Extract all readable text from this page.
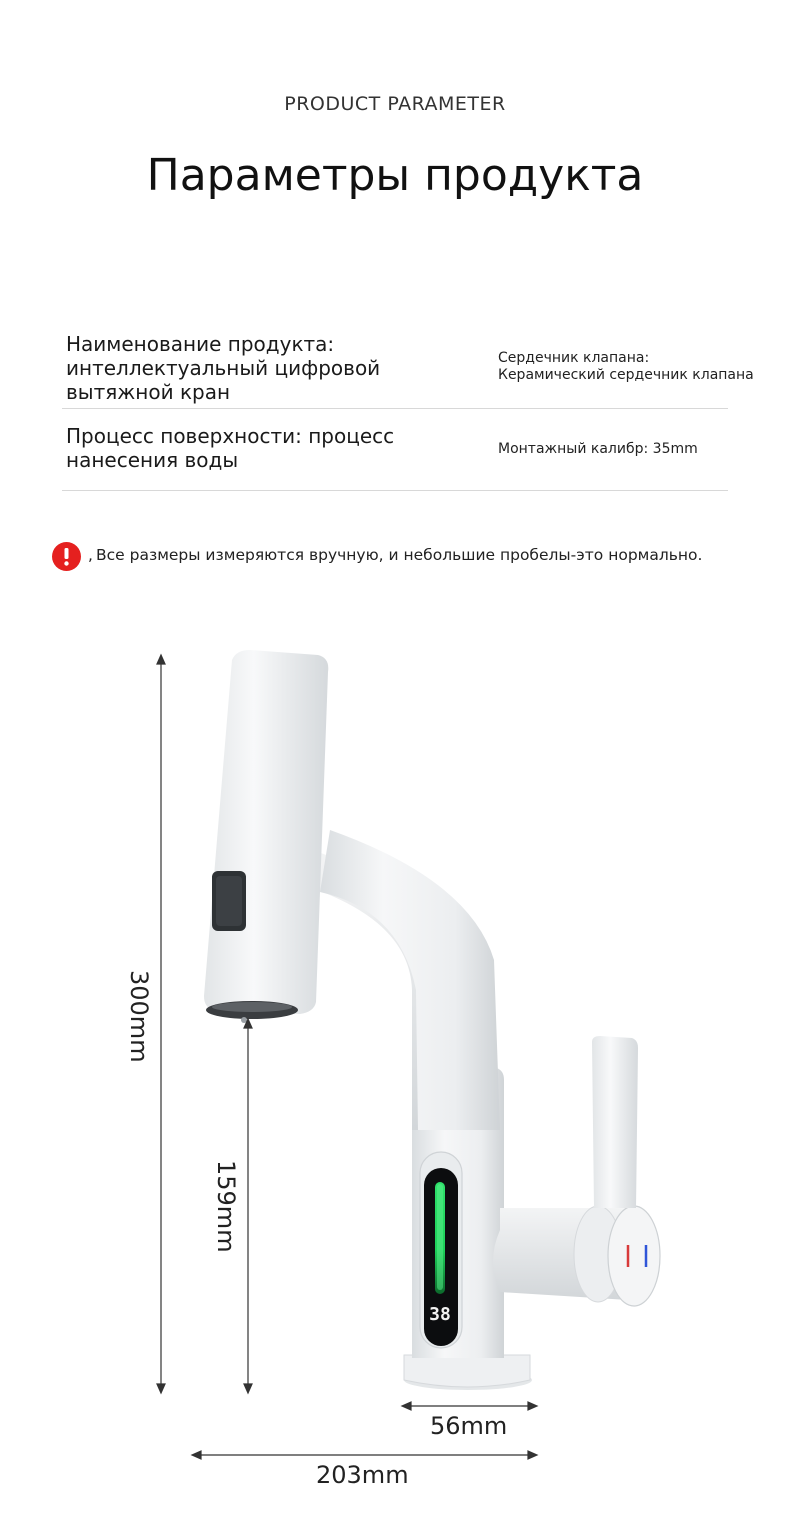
PRODUCT PARAMETER
Параметры продукта
Наименование продукта: интеллектуальный цифровой вытяжной кран
Сердечник клапана: Керамический сердечник клапана
Процесс поверхности: процесс нанесения воды	Монтажный калибр: 35mm
, Все размеры измеряются вручную, и небольшие пробелы-это нормально.
38
300mm
159mm
56mm
203mm
